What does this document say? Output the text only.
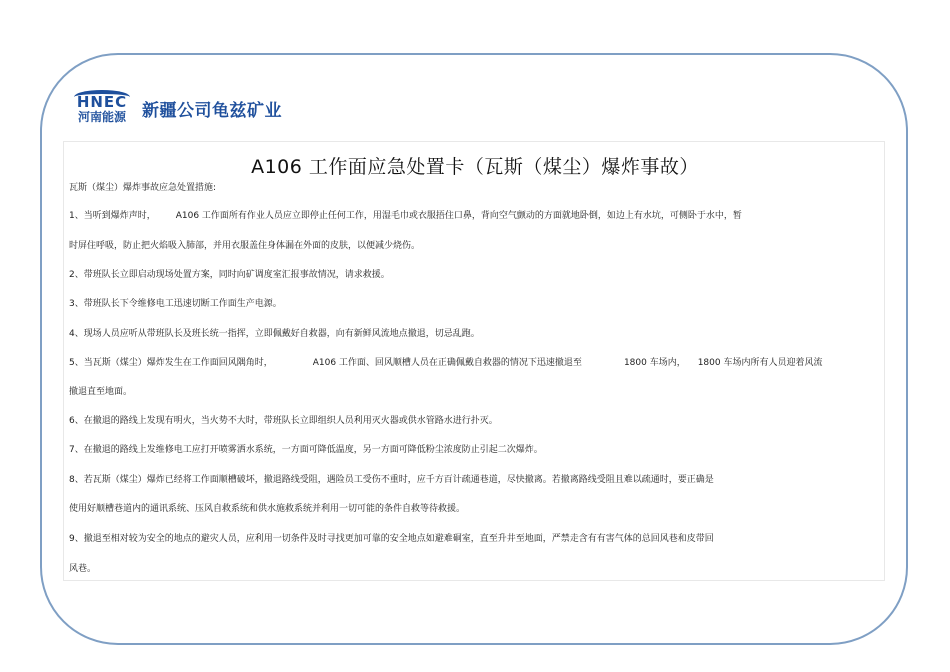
HNEC
河南能源 新疆公司龟兹矿业
A106 工作面应急处置卡（瓦斯（煤尘）爆炸事故）
瓦斯（煤尘）爆炸事故应急处置措施:
1、当听到爆炸声时， A106 工作面所有作业人员应立即停止任何工作，用湿毛巾或衣服捂住口鼻，背向空气颤动的方面就地卧倒，如边上有水坑，可侧卧于水中，暂
时屏住呼吸，防止把火焰吸入肺部，并用衣服盖住身体漏在外面的皮肤，以便减少烧伤。
2、带班队长立即启动现场处置方案，同时向矿调度室汇报事故情况，请求救援。
3、带班队长下令维修电工迅速切断工作面生产电源。
4、现场人员应听从带班队长及班长统一指挥，立即佩戴好自救器，向有新鲜风流地点撤退，切忌乱跑。
5、当瓦斯（煤尘）爆炸发生在工作面回风隅角时，	A106 工作面、回风顺槽人员在正确佩戴自救器的情况下迅速撤退至	1800 车场内， 1800 车场内所有人员迎着风流
撤退直至地面。
6、在撤退的路线上发现有明火，当火势不大时，带班队长立即组织人员利用灭火器或供水管路水进行扑灭。
7、在撤退的路线上发维修电工应打开喷雾洒水系统，一方面可降低温度，另一方面可降低粉尘浓度防止引起二次爆炸。
8、若瓦斯（煤尘）爆炸已经将工作面顺槽破坏，撤退路线受阻，遇险员工受伤不重时，应千方百计疏通巷道，尽快撤离。若撤离路线受阻且难以疏通时，要正确是
使用好顺槽巷道内的通讯系统、压风自救系统和供水施救系统并利用一切可能的条件自救等待救援。
9、撤退至相对较为安全的地点的避灾人员，应利用一切条件及时寻找更加可靠的安全地点如避难硐室，直至升井至地面，严禁走含有有害气体的总回风巷和皮带回
风巷。
